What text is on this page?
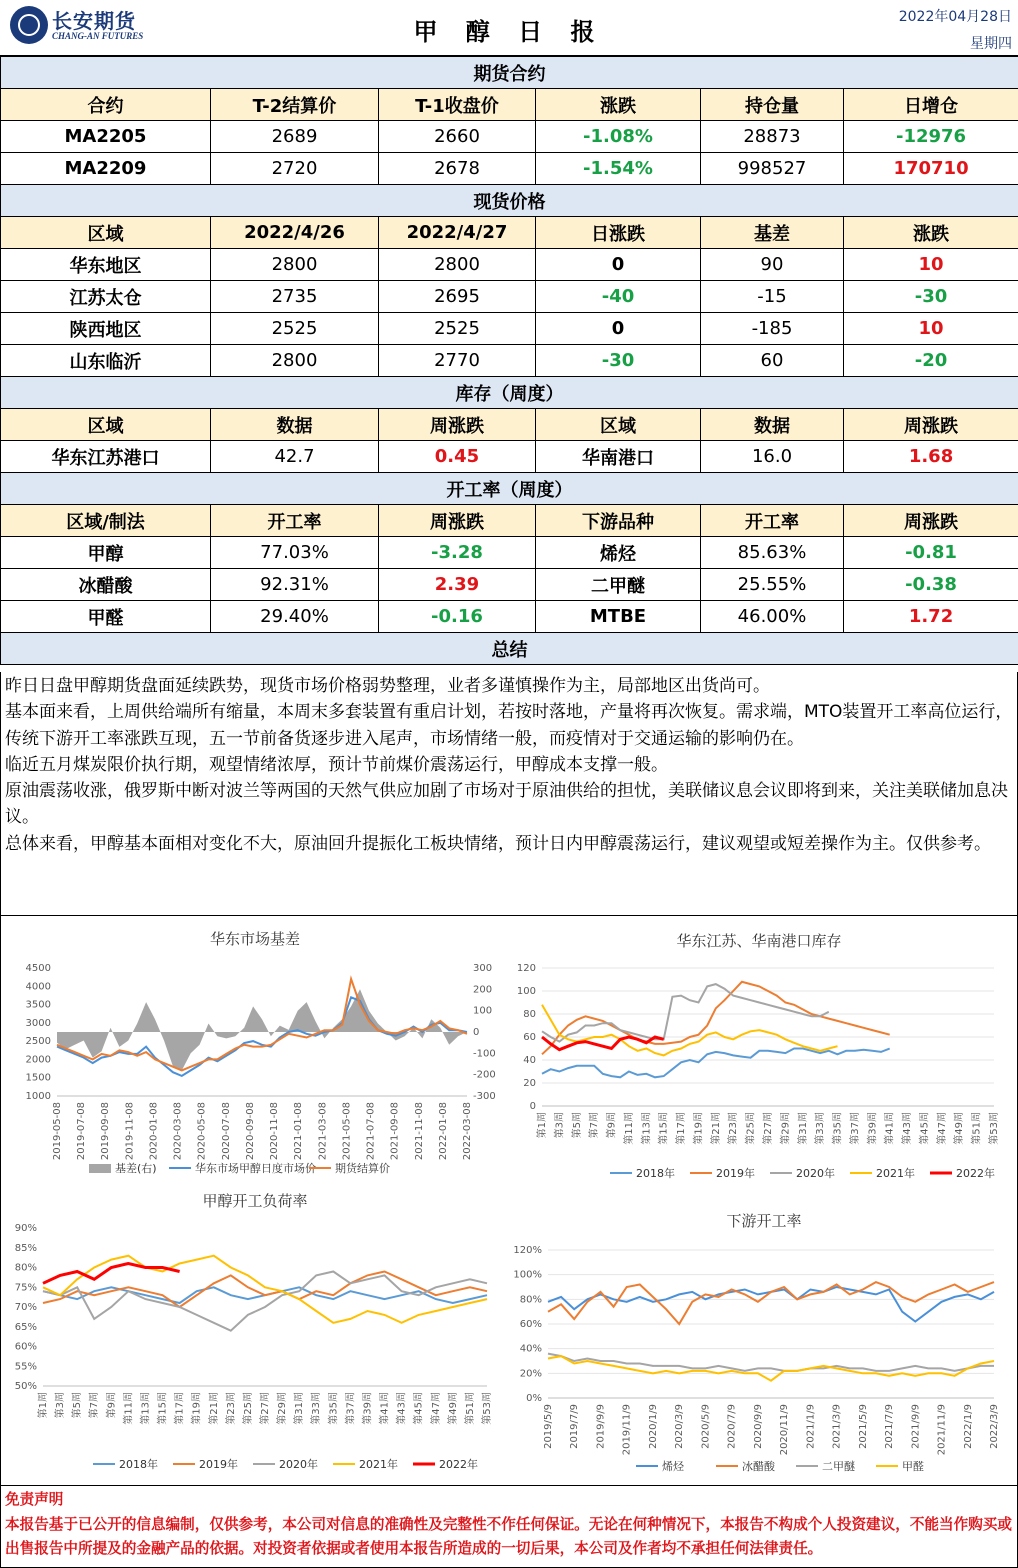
长安期货
CHANG-AN FUTURES	甲 醇 日 报
2022年04月28日
星期四
期货合约					
合约	T-2结算价	T-1收盘价	涨跌	持仓量	日增仓
MA2205	2689	2660	-1.08%	28873	-12976
MA2209	2720	2678	-1.54%	998527	170710
现货价格					
区域	2022/4/26	2022/4/27	日涨跌	基差	涨跌
华东地区	2800	2800	0	90	10
江苏太仓	2735	2695	-40	-15	-30
陕西地区	2525	2525	0	-185	10
山东临沂	2800	2770	-30	60	-20
库存（周度）					
区域	数据	周涨跌	区域	数据	周涨跌
华东江苏港口	42.7	0.45	华南港口	16.0	1.68
开工率（周度）					
区域/制法	开工率	周涨跌	下游品种	开工率	周涨跌
甲醇	77.03%	-3.28	烯烃	85.63%	-0.81
冰醋酸	92.31%	2.39	二甲醚	25.55%	-0.38
甲醛	29.40%	-0.16	MTBE	46.00%	1.72
总结					
昨日日盘甲醇期货盘面延续跌势，现货市场价格弱势整理，业者多谨慎操作为主，局部地区出货尚可。
基本面来看，上周供给端所有缩量，本周末多套装置有重启计划，若按时落地，产量将再次恢复。需求端，MTO装置开工率高位运行，传统下游开工率涨跌互现，五一节前备货逐步进入尾声，市场情绪一般，而疫情对于交通运输的影响仍在。
临近五月煤炭限价执行期，观望情绪浓厚，预计节前煤价震荡运行，甲醇成本支撑一般。
原油震荡收涨，俄罗斯中断对波兰等两国的天然气供应加剧了市场对于原油供给的担忧，美联储议息会议即将到来，关注美联储加息决议。
总体来看，甲醇基本面相对变化不大，原油回升提振化工板块情绪，预计日内甲醇震荡运行，建议观望或短差操作为主。仅供参考。
华东市场基差
4500
4000
3500
3000
2500
2000
1500
1000
300
200
100
0
-100
-200
-300
2019-05-08 2019-07-08 2019-09-08 2019-11-08 2020-01-08 2020-03-08 2020-05-08 2020-07-08 2020-09-08 2020-11-08 2021-01-08 2021-03-08 2021-05-08 2021-07-08 2021-09-08 2021-11-08 2022-01-08 2022-03-08
基差(右)	华东市场甲醇日度市场价 期货结算价
华东江苏、华南港口库存
120
100
80
60
40
20
0
第1周 第3周 第5周 第7周 第9周 第11周 第13周 第15周 第17周 第19周 第21周 第23周 第25周 第27周 第29周 第31周 第33周 第35周 第37周 第39周 第41周 第43周 第45周 第47周 第49周 第51周 第53周
2018年	2019年	2020年	2021年	2022年
甲醇开工负荷率
90%
85%
80%
75%
70%
65%
60%
55%
50%
第1周 第3周 第5周 第7周 第9周 第11周 第13周 第15周 第17周 第19周 第21周 第23周 第25周 第27周 第29周 第31周 第33周 第35周 第37周 第39周 第41周 第43周 第45周 第47周 第49周 第51周 第53周
2018年	2019年	2020年	2021年	2022年
下游开工率
120%
100%
80%
60%
40%
20%
0%
2019/5/9 2019/7/9 2019/9/9 2019/11/9 2020/1/9 2020/3/9 2020/5/9 2020/7/9 2020/9/9 2020/11/9 2021/1/9 2021/3/9 2021/5/9 2021/7/9 2021/9/9 2021/11/9 2022/1/9 2022/3/9
烯烃	冰醋酸	二甲醚	甲醛
免责声明
本报告基于已公开的信息编制，仅供参考，本公司对信息的准确性及完整性不作任何保证。无论在何种情况下，本报告不构成个人投资建议，不能当作购买或出售报告中所提及的金融产品的依据。对投资者依据或者使用本报告所造成的一切后果，本公司及作者均不承担任何法律责任。
